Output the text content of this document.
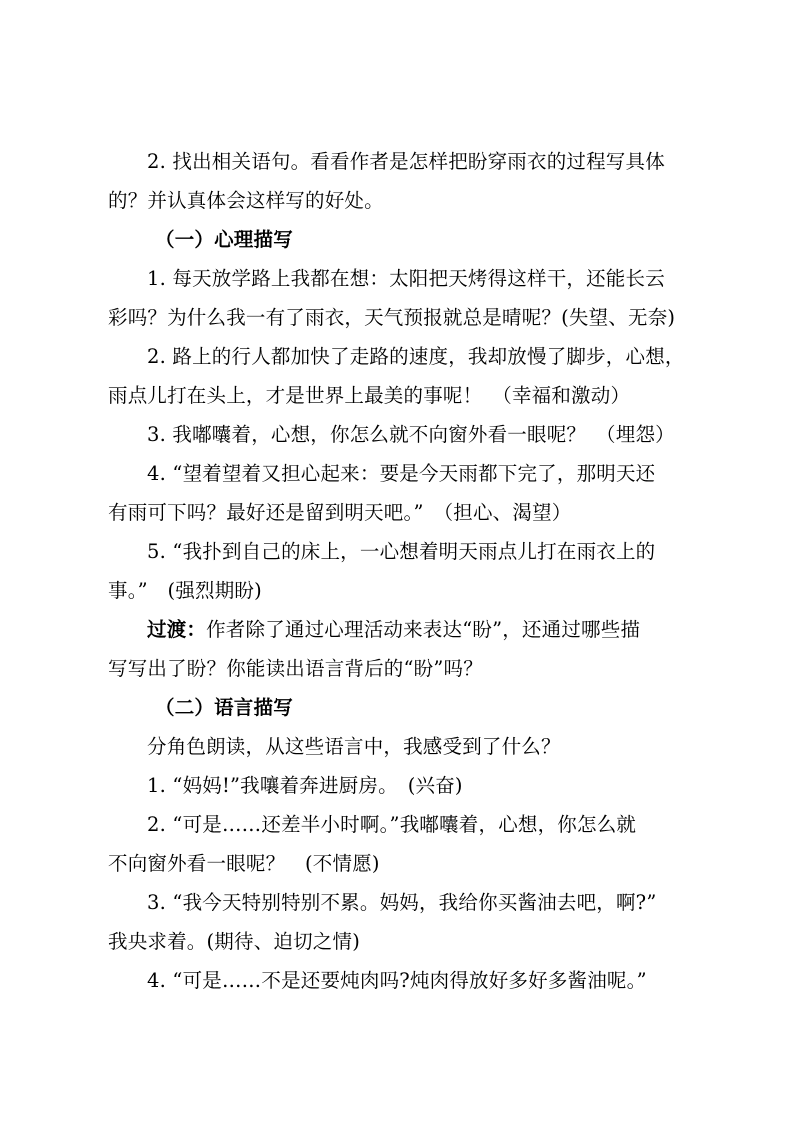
2. 找出相关语句。看看作者是怎样把盼穿雨衣的过程写具体
的？并认真体会这样写的好处。
（一）心理描写
1. 每天放学路上我都在想：太阳把天烤得这样干，还能长云
彩吗？为什么我一有了雨衣，天气预报就总是晴呢？(失望、无奈)
2. 路上的行人都加快了走路的速度，我却放慢了脚步，心想，
雨点儿打在头上，才是世界上最美的事呢！　（幸福和激动）
3. 我嘟囔着，心想，你怎么就不向窗外看一眼呢？　（埋怨）
4. “望着望着又担心起来：要是今天雨都下完了，那明天还
有雨可下吗？最好还是留到明天吧。”　（担心、渴望）
5. “我扑到自己的床上，一心想着明天雨点儿打在雨衣上的
事。”　(强烈期盼)
过渡：作者除了通过心理活动来表达“盼”，还通过哪些描
写写出了盼？你能读出语言背后的“盼”吗？
（二）语言描写
分角色朗读，从这些语言中，我感受到了什么？
1. “妈妈!”我嚷着奔进厨房。　(兴奋)
2. “可是……还差半小时啊。”我嘟囔着，心想，你怎么就
不向窗外看一眼呢？　(不情愿)
3. “我今天特别特别不累。妈妈，我给你买酱油去吧，啊?”
我央求着。(期待、迫切之情)
4. “可是……不是还要炖肉吗?炖肉得放好多好多酱油呢。”
